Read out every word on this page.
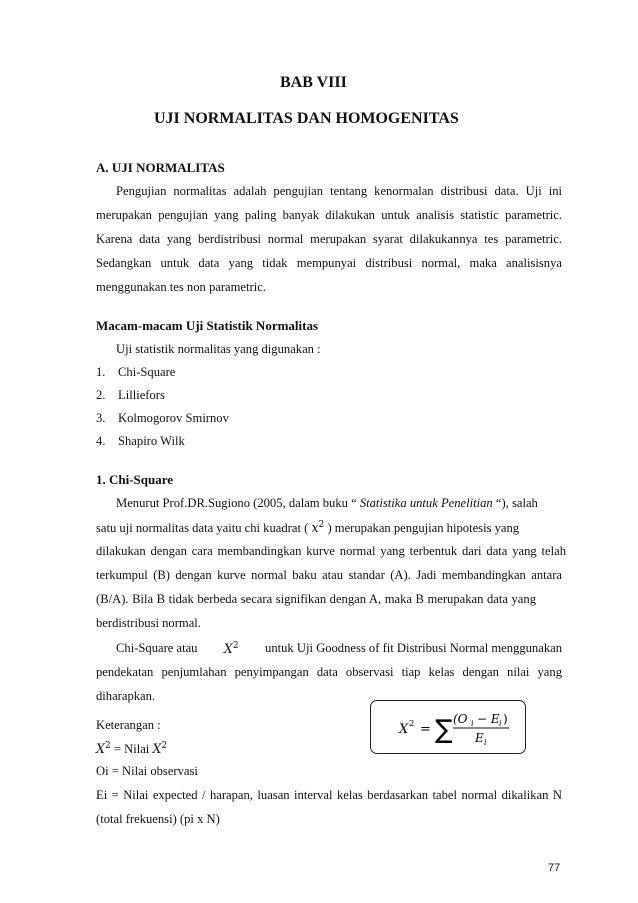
BAB VIII
UJI NORMALITAS DAN HOMOGENITAS
A. UJI NORMALITAS
Pengujian normalitas adalah pengujian tentang kenormalan distribusi data. Uji ini
merupakan pengujian yang paling banyak dilakukan untuk analisis statistic parametric.
Karena data yang berdistribusi normal merupakan syarat dilakukannya tes parametric.
Sedangkan untuk data yang tidak mempunyai distribusi normal, maka analisisnya
menggunakan tes non parametric.
Macam-macam Uji Statistik Normalitas
Uji statistik normalitas yang digunakan :
1. Chi-Square
2. Lilliefors
3. Kolmogorov Smirnov
4. Shapiro Wilk
1. Chi-Square
Menurut Prof.DR.Sugiono (2005, dalam buku “ Statistika untuk Penelitian “), salah
satu uji normalitas data yaitu chi kuadrat ( $x^2$ ) merupakan pengujian hipotesis yang
dilakukan dengan cara membandingkan kurve normal yang terbentuk dari data yang telah
terkumpul (B) dengan kurve normal baku atau standar (A). Jadi membandingkan antara
(B/A). Bila B tidak berbeda secara signifikan dengan A, maka B merupakan data yang
berdistribusi normal.
Chi-Square atau $X^2$ untuk Uji Goodness of fit Distribusi Normal menggunakan
pendekatan penjumlahan penyimpangan data observasi tiap kelas dengan nilai yang
diharapkan.
Keterangan :
$X^2$ = Nilai $X^2$
Oi = Nilai observasi
Ei = Nilai expected / harapan, luasan interval kelas berdasarkan tabel normal dikalikan N
(total frekuensi) (pi x N)
X 2 = ∑ (O i − E i )
E i
77
